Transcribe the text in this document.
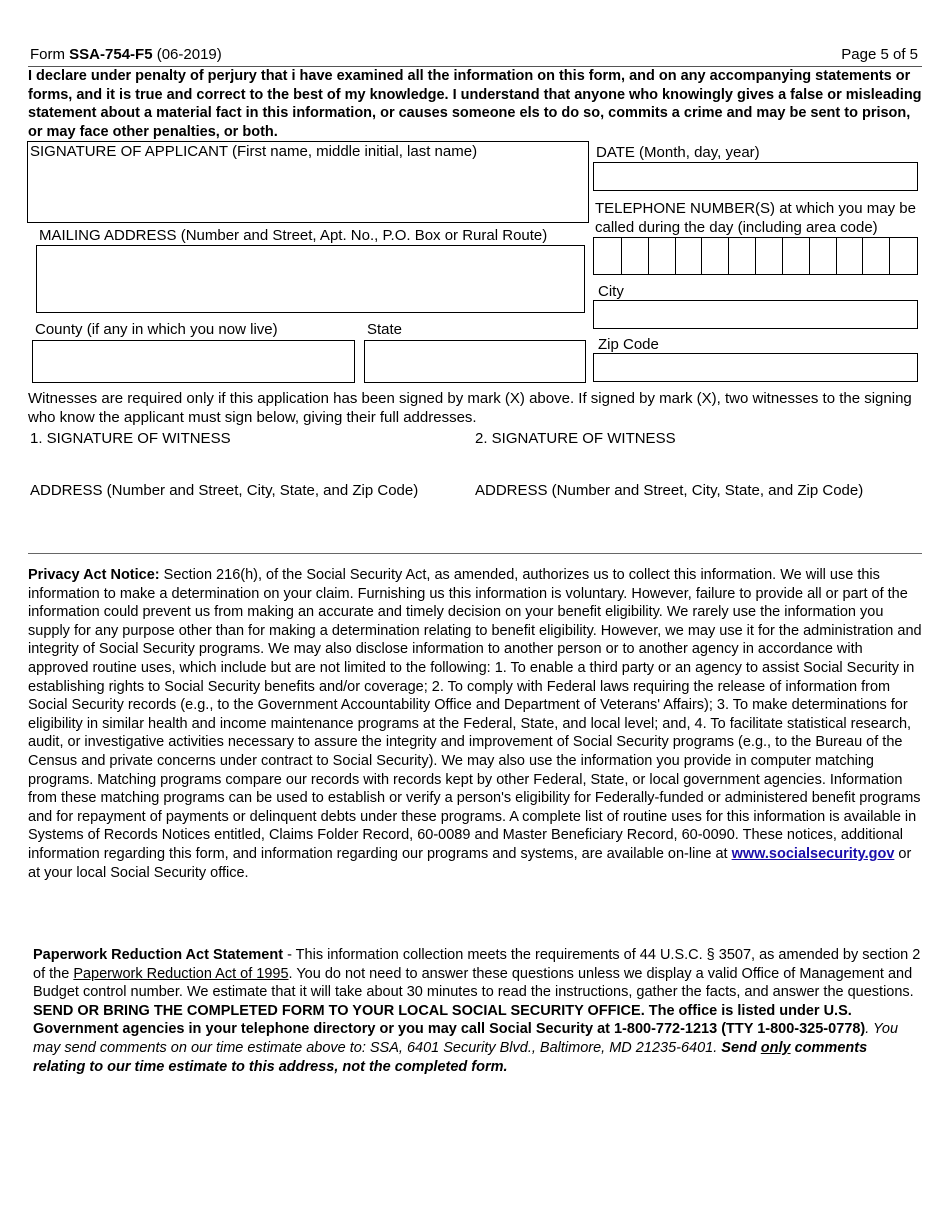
Form SSA-754-F5 (06-2019)	Page 5 of 5
I declare under penalty of perjury that i have examined all the information on this form, and on any accompanying statements or forms, and it is true and correct to the best of my knowledge. I understand that anyone who knowingly gives a false or misleading statement about a material fact in this information, or causes someone els to do so, commits a crime and may be sent to prison, or may face other penalties, or both.
SIGNATURE OF APPLICANT (First name, middle initial, last name)	DATE (Month, day, year)
TELEPHONE NUMBER(S) at which you may be called during the day (including area code)
MAILING ADDRESS (Number and Street, Apt. No., P.O. Box or Rural Route)
City
County (if any in which you now live)	State
Zip Code
Witnesses are required only if this application has been signed by mark (X) above. If signed by mark (X), two witnesses to the signing who know the applicant must sign below, giving their full addresses.
1. SIGNATURE OF WITNESS	2. SIGNATURE OF WITNESS
ADDRESS (Number and Street, City, State, and Zip Code)	ADDRESS (Number and Street, City, State, and Zip Code)
Privacy Act Notice: Section 216(h), of the Social Security Act, as amended, authorizes us to collect this information. We will use this information to make a determination on your claim. Furnishing us this information is voluntary. However, failure to provide all or part of the information could prevent us from making an accurate and timely decision on your benefit eligibility. We rarely use the information you supply for any purpose other than for making a determination relating to benefit eligibility. However, we may use it for the administration and integrity of Social Security programs. We may also disclose information to another person or to another agency in accordance with approved routine uses, which include but are not limited to the following: 1. To enable a third party or an agency to assist Social Security in establishing rights to Social Security benefits and/or coverage; 2. To comply with Federal laws requiring the release of information from Social Security records (e.g., to the Government Accountability Office and Department of Veterans' Affairs); 3. To make determinations for eligibility in similar health and income maintenance programs at the Federal, State, and local level; and, 4. To facilitate statistical research, audit, or investigative activities necessary to assure the integrity and improvement of Social Security programs (e.g., to the Bureau of the Census and private concerns under contract to Social Security). We may also use the information you provide in computer matching programs. Matching programs compare our records with records kept by other Federal, State, or local government agencies. Information from these matching programs can be used to establish or verify a person's eligibility for Federally-funded or administered benefit programs and for repayment of payments or delinquent debts under these programs. A complete list of routine uses for this information is available in Systems of Records Notices entitled, Claims Folder Record, 60-0089 and Master Beneficiary Record, 60-0090. These notices, additional information regarding this form, and information regarding our programs and systems, are available on-line at www.socialsecurity.gov or at your local Social Security office.
Paperwork Reduction Act Statement - This information collection meets the requirements of 44 U.S.C. § 3507, as amended by section 2 of the Paperwork Reduction Act of 1995. You do not need to answer these questions unless we display a valid Office of Management and Budget control number. We estimate that it will take about 30 minutes to read the instructions, gather the facts, and answer the questions. SEND OR BRING THE COMPLETED FORM TO YOUR LOCAL SOCIAL SECURITY OFFICE. The office is listed under U.S. Government agencies in your telephone directory or you may call Social Security at 1-800-772-1213 (TTY 1-800-325-0778). You may send comments on our time estimate above to: SSA, 6401 Security Blvd., Baltimore, MD 21235-6401. Send only comments relating to our time estimate to this address, not the completed form.
